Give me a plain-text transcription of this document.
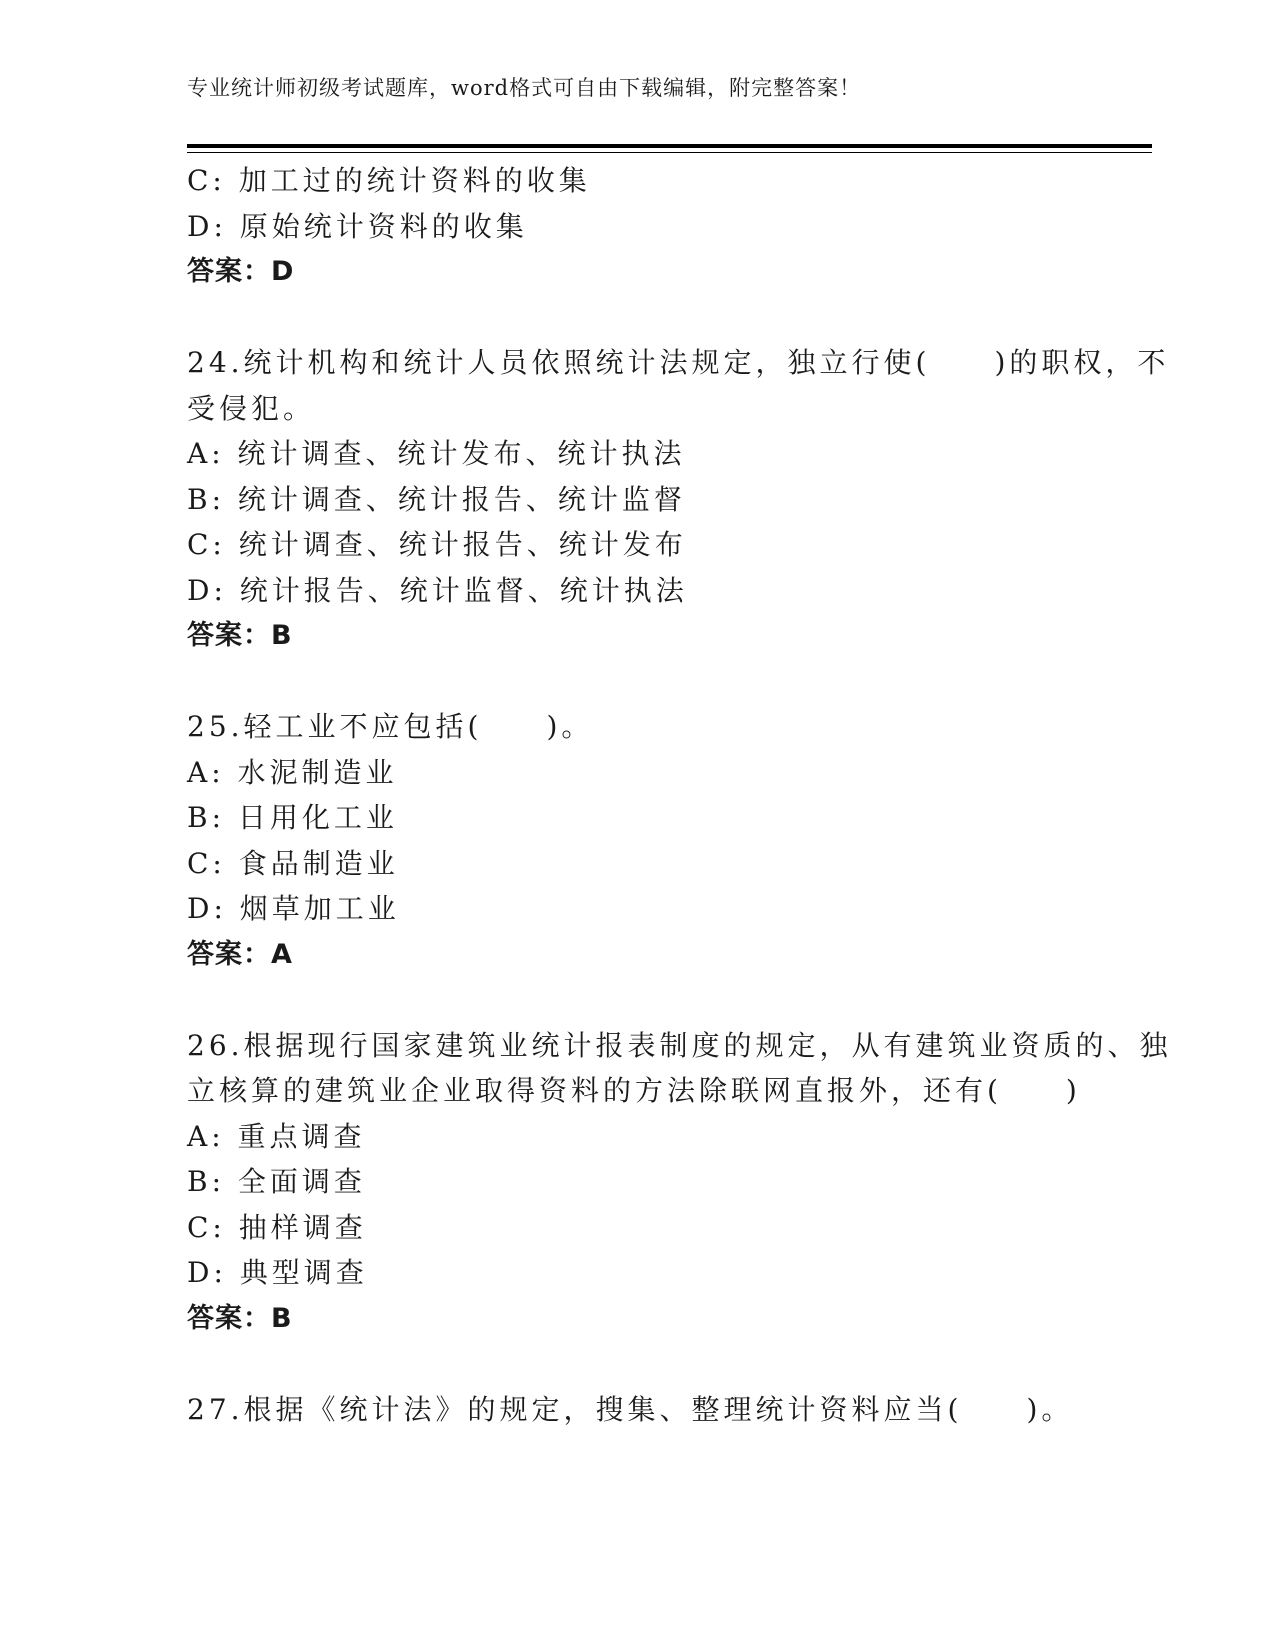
专业统计师初级考试题库，word格式可自由下载编辑，附完整答案！
C: 加工过的统计资料的收集
D: 原始统计资料的收集
答案：D
24.统计机构和统计人员依照统计法规定，独立行使(　　)的职权，不
受侵犯。
A: 统计调查、统计发布、统计执法
B: 统计调查、统计报告、统计监督
C: 统计调查、统计报告、统计发布
D: 统计报告、统计监督、统计执法
答案：B
25.轻工业不应包括(　　)。
A: 水泥制造业
B: 日用化工业
C: 食品制造业
D: 烟草加工业
答案：A
26.根据现行国家建筑业统计报表制度的规定，从有建筑业资质的、独
立核算的建筑业企业取得资料的方法除联网直报外，还有(　　)
A: 重点调查
B: 全面调查
C: 抽样调查
D: 典型调查
答案：B
27.根据《统计法》的规定，搜集、整理统计资料应当(　　)。
